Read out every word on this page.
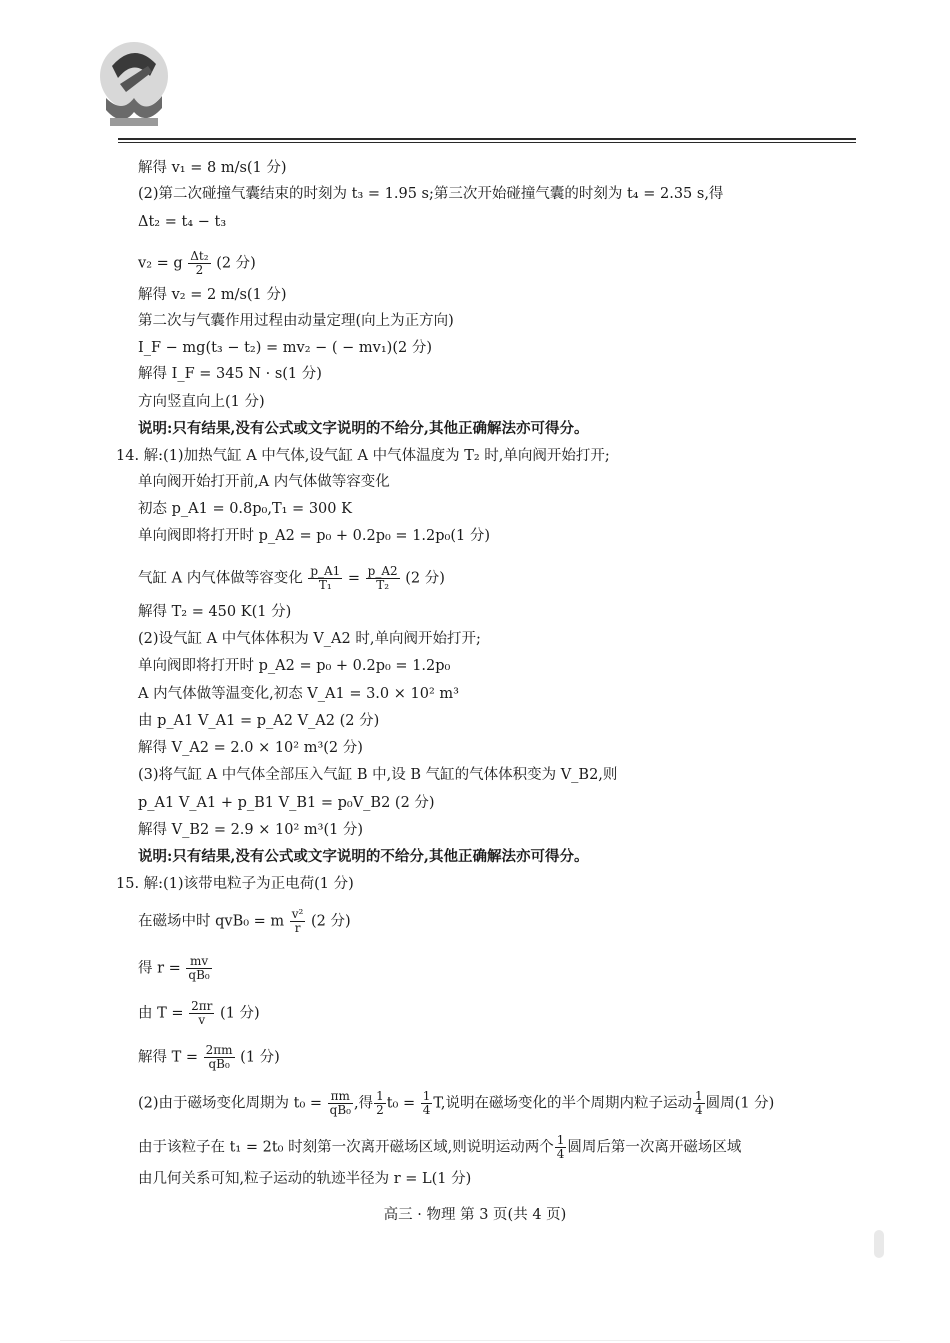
解得 v₁ = 8 m/s(1 分)
(2)第二次碰撞气囊结束的时刻为 t₃ = 1.95 s;第三次开始碰撞气囊的时刻为 t₄ = 2.35 s,得
Δt₂ = t₄ − t₃
v₂ = g $\frac{\text{Δt₂}}{2} (2$ 分)
解得 v₂ = 2 m/s(1 分)
第二次与气囊作用过程由动量定理(向上为正方向)
I_F − mg(t₃ − t₂) = mv₂ − ( − mv₁)(2 分)
解得 I_F = 345 N · s(1 分)
方向竖直向上(1 分)
说明:只有结果,没有公式或文字说明的不给分,其他正确解法亦可得分。
14. 解:(1)加热气缸 A 中气体,设气缸 A 中气体温度为 T₂ 时,单向阀开始打开;
单向阀开始打开前,A 内气体做等容变化
初态 p_A1 = 0.8p₀,T₁ = 300 K
单向阀即将打开时 p_A2 = p₀ + 0.2p₀ = 1.2p₀(1 分)
气缸 A 内气体做等容变化 $\frac{p\_A1}{\text{T₁}} = \frac{p\_A2}{\text{T₂}} (2$ 分)
解得 T₂ = 450 K(1 分)
(2)设气缸 A 中气体体积为 V_A2 时,单向阀开始打开;
单向阀即将打开时 p_A2 = p₀ + 0.2p₀ = 1.2p₀
A 内气体做等温变化,初态 V_A1 = 3.0 × 10² m³
由 p_A1 V_A1 = p_A2 V_A2 (2 分)
解得 V_A2 = 2.0 × 10² m³(2 分)
(3)将气缸 A 中气体全部压入气缸 B 中,设 B 气缸的气体体积变为 V_B2,则
p_A1 V_A1 + p_B1 V_B1 = p₀V_B2 (2 分)
解得 V_B2 = 2.9 × 10² m³(1 分)
说明:只有结果,没有公式或文字说明的不给分,其他正确解法亦可得分。
15. 解:(1)该带电粒子为正电荷(1 分)
在磁场中时 qvB₀ = m $\frac{\text{v²}}{r} (2$ 分)
得 $r = \frac{mv}{\text{qB₀}}$
由 $T = \frac{2\pi r}{v} (1$ 分)
解得 $T = \frac{2\pi m}{\text{qB₀}} (1$ 分)
(2)由于磁场变化周期为 $t_0 = \frac{\pi m}{\text{qB₀}}$ ,得 $\frac{1}{2} t_0 = \frac{1}{4} T$,说明在磁场变化的半个周期内粒子运动 $\frac{1}{4}$ 圆周(1 分)
由于该粒子在 t₁ = 2t₀ 时刻第一次离开磁场区域,则说明运动两个 $\frac{1}{4}$ 圆周后第一次离开磁场区域
由几何关系可知,粒子运动的轨迹半径为 r = L(1 分)
高三 · 物理 第 3 页(共 4 页)
